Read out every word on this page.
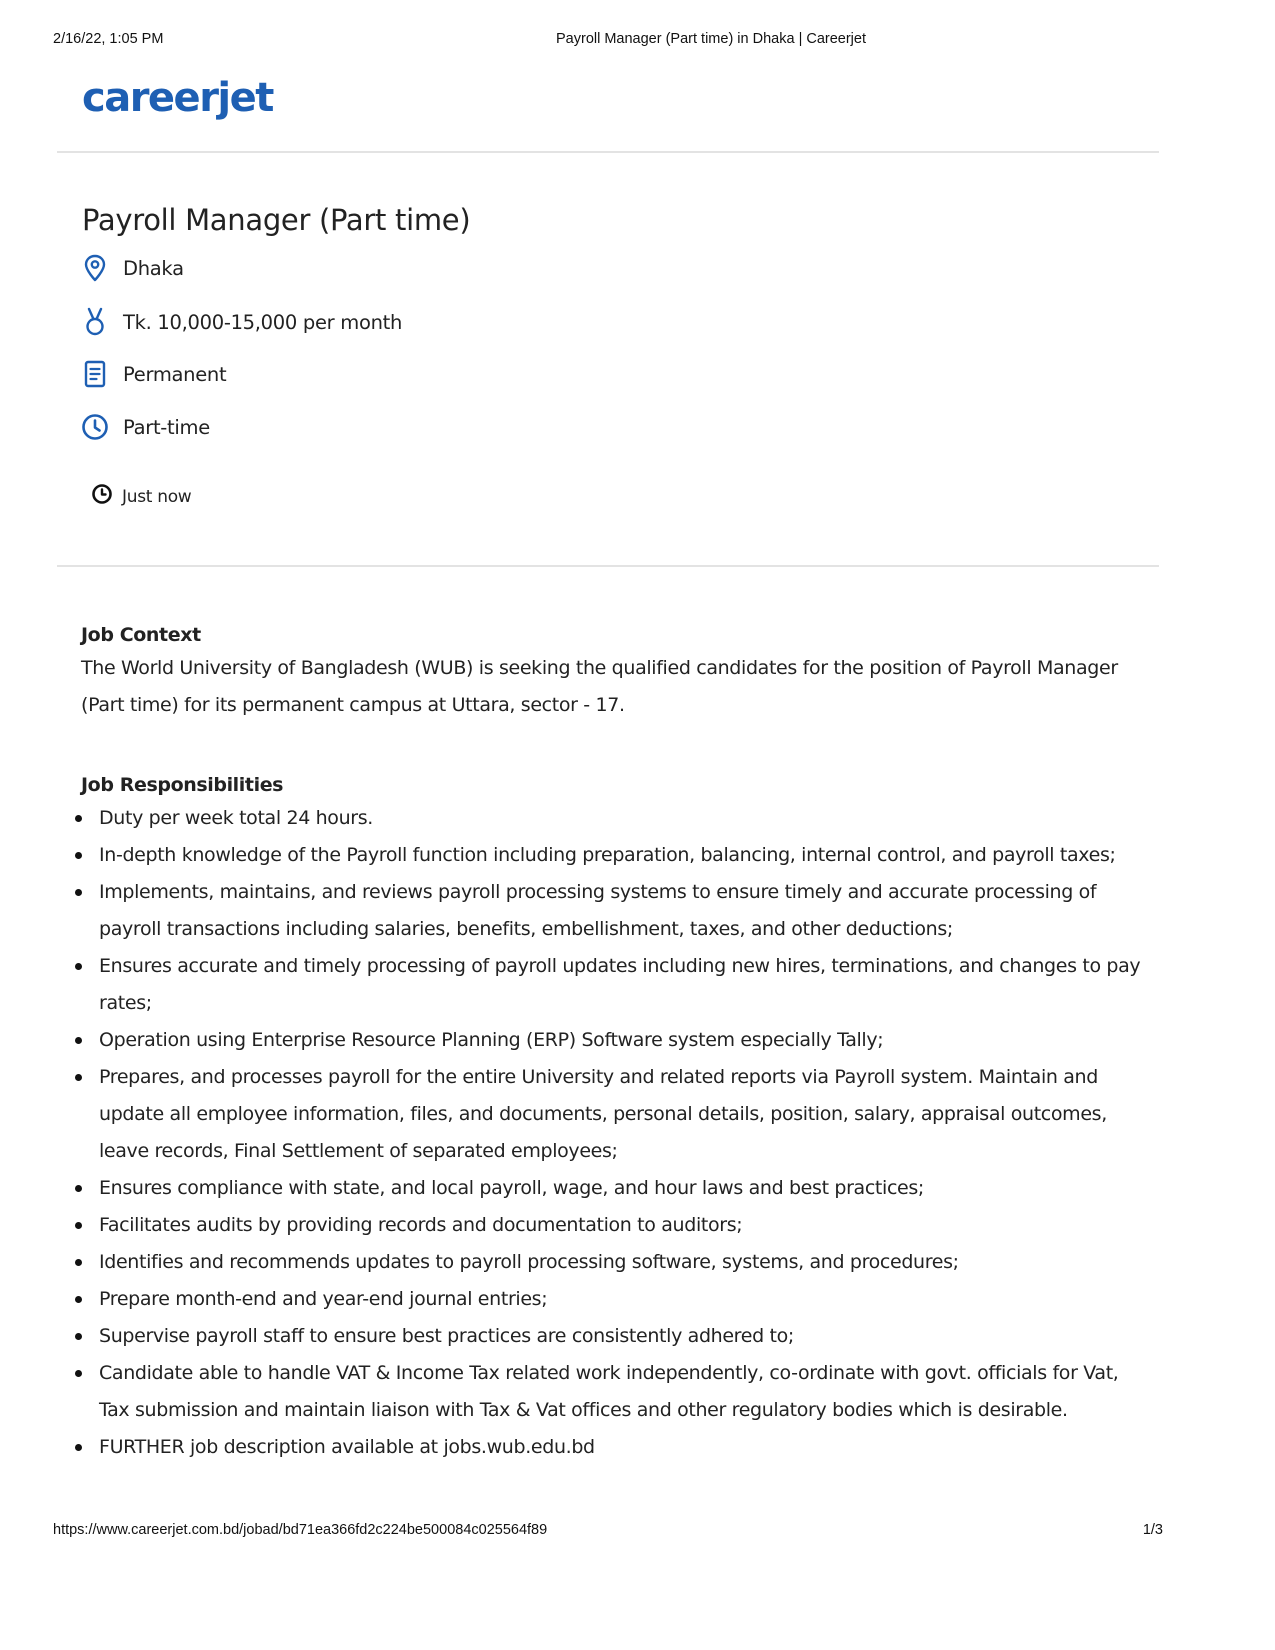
2/16/22, 1:05 PM	Payroll Manager (Part time) in Dhaka | Careerjet
careerjet
Payroll Manager (Part time)
Dhaka
Tk. 10,000-15,000 per month
Permanent
Part-time
Just now
Job Context

The World University of Bangladesh (WUB) is seeking the qualified candidates for the position of Payroll Manager (Part time) for its permanent campus at Uttara, sector - 17.

Job Responsibilities
Duty per week total 24 hours.
In-depth knowledge of the Payroll function including preparation, balancing, internal control, and payroll taxes;
Implements, maintains, and reviews payroll processing systems to ensure timely and accurate processing of payroll transactions including salaries, benefits, embellishment, taxes, and other deductions;
Ensures accurate and timely processing of payroll updates including new hires, terminations, and changes to pay rates;
Operation using Enterprise Resource Planning (ERP) Software system especially Tally;
Prepares, and processes payroll for the entire University and related reports via Payroll system. Maintain and update all employee information, files, and documents, personal details, position, salary, appraisal outcomes, leave records, Final Settlement of separated employees;
Ensures compliance with state, and local payroll, wage, and hour laws and best practices;
Facilitates audits by providing records and documentation to auditors;
Identifies and recommends updates to payroll processing software, systems, and procedures;
Prepare month-end and year-end journal entries;
Supervise payroll staff to ensure best practices are consistently adhered to;
Candidate able to handle VAT & Income Tax related work independently, co-ordinate with govt. officials for Vat, Tax submission and maintain liaison with Tax & Vat offices and other regulatory bodies which is desirable.
FURTHER job description available at jobs.wub.edu.bd
https://www.careerjet.com.bd/jobad/bd71ea366fd2c224be500084c025564f89	1/3
